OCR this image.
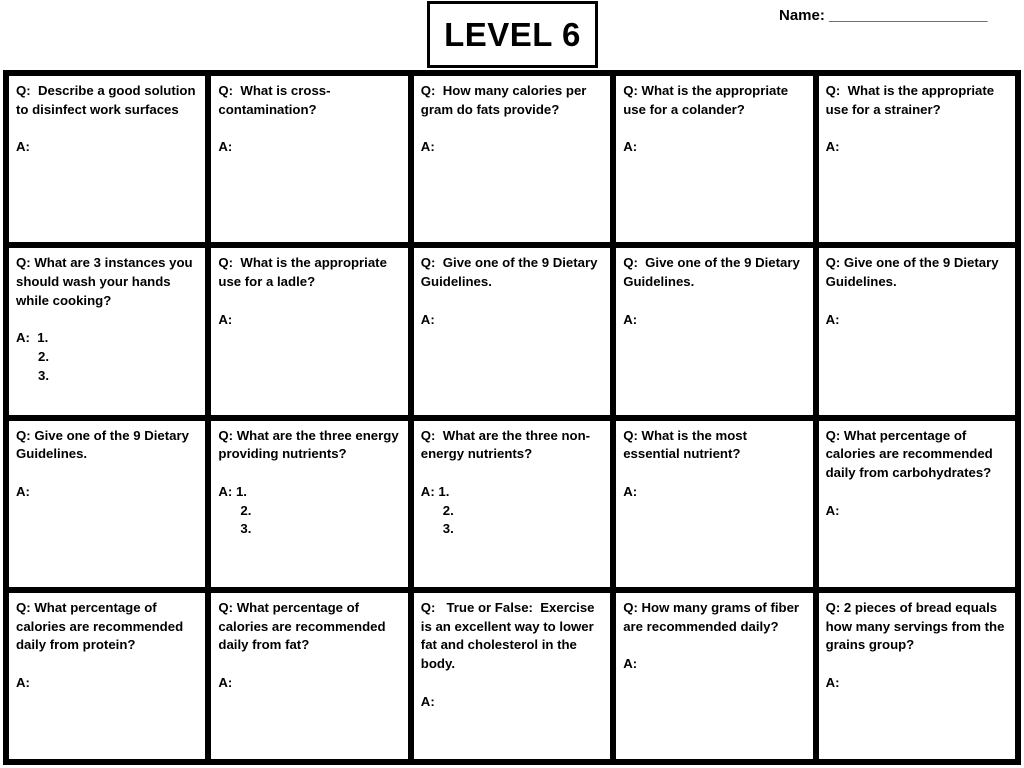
LEVEL 6	Name: ___________________
Q:  Describe a good solution to disinfect work surfaces
A:
Q:  What is cross-contamination?
A:
Q:  How many calories per gram do fats provide?
A:
Q: What is the appropriate use for a colander?
A:
Q:  What is the appropriate use for a strainer?
A:
Q: What are 3 instances you should wash your hands while cooking?
A:  1.
2.
3.
Q:  What is the appropriate use for a ladle?
A:
Q:  Give one of the 9 Dietary Guidelines.
A:
Q:  Give one of the 9 Dietary Guidelines.
A:
Q: Give one of the 9 Dietary Guidelines.
A:
Q: Give one of the 9 Dietary Guidelines.
A:
Q: What are the three energy providing nutrients?
A: 1.
2.
3.
Q:  What are the three non-energy nutrients?
A: 1.
2.
3.
Q: What is the most essential nutrient?
A:
Q: What percentage of calories are recommended daily from carbohydrates?
A:
Q: What percentage of calories are recommended daily from protein?
A:
Q: What percentage of calories are recommended daily from fat?
A:
Q:   True or False:  Exercise is an excellent way to lower fat and cholesterol in the body.
A:
Q: How many grams of fiber are recommended daily?
A:
Q: 2 pieces of bread equals how many servings from the grains group?
A:
